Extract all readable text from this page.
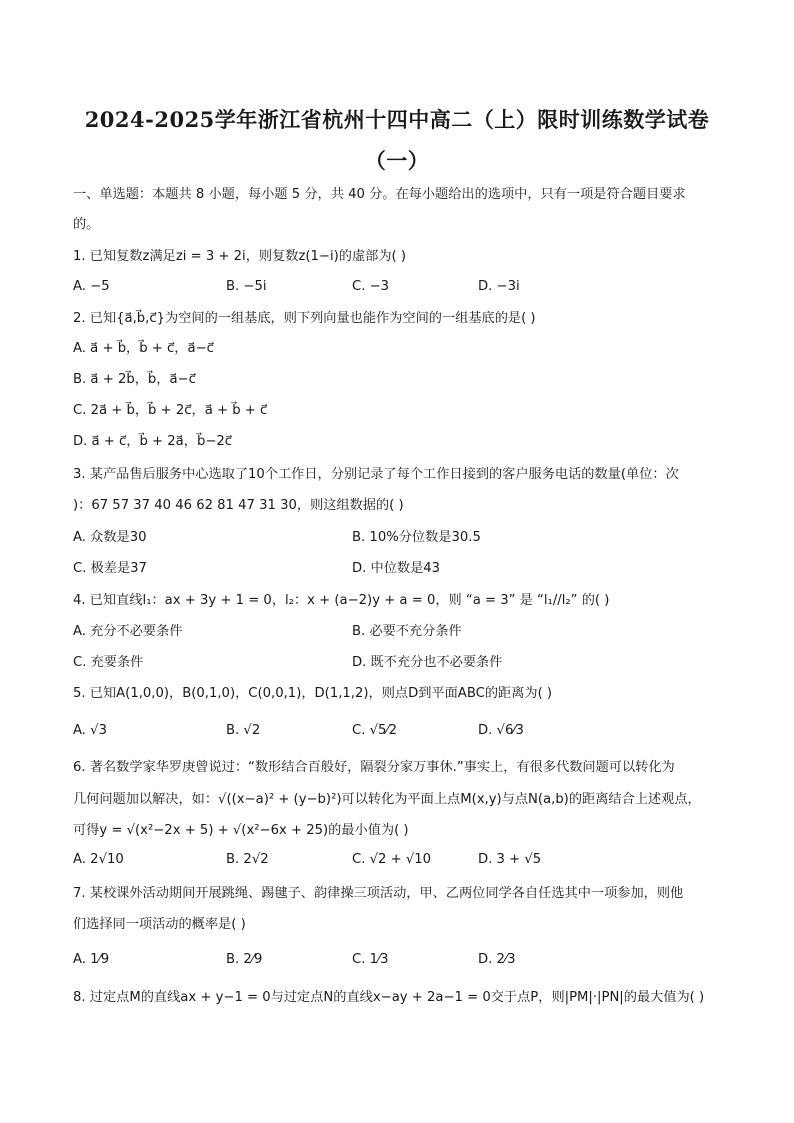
2024-2025学年浙江省杭州十四中高二（上）限时训练数学试卷
（一）
一、单选题：本题共 8 小题，每小题 5 分，共 40 分。在每小题给出的选项中，只有一项是符合题目要求
的。
1. 已知复数z满足zi = 3 + 2i，则复数z(1−i)的虚部为( )
A. −5	B. −5i	C. −3	D. −3i
2. 已知{a⃗,b⃗,c⃗}为空间的一组基底，则下列向量也能作为空间的一组基底的是( )
A. a⃗ + b⃗，b⃗ + c⃗，a⃗−c⃗
B. a⃗ + 2b⃗，b⃗，a⃗−c⃗
C. 2a⃗ + b⃗，b⃗ + 2c⃗，a⃗ + b⃗ + c⃗
D. a⃗ + c⃗，b⃗ + 2a⃗，b⃗−2c⃗
3. 某产品售后服务中心选取了10个工作日，分别记录了每个工作日接到的客户服务电话的数量(单位：次
)：67 57 37 40 46 62 81 47 31 30，则这组数据的( )
A. 众数是30	B. 10%分位数是30.5
C. 极差是37	D. 中位数是43
4. 已知直线l₁：ax + 3y + 1 = 0，l₂：x + (a−2)y + a = 0，则 “a = 3” 是 “l₁//l₂” 的( )
A. 充分不必要条件	B. 必要不充分条件
C. 充要条件	D. 既不充分也不必要条件
5. 已知A(1,0,0)，B(0,1,0)，C(0,0,1)，D(1,1,2)，则点D到平面ABC的距离为( )
A. √3	B. √2	C. √5⁄2	D. √6⁄3
6. 著名数学家华罗庚曾说过：“数形结合百般好，隔裂分家万事休.”事实上，有很多代数问题可以转化为
几何问题加以解决，如：√((x−a)² + (y−b)²)可以转化为平面上点M(x,y)与点N(a,b)的距离结合上述观点，
可得y = √(x²−2x + 5) + √(x²−6x + 25)的最小值为( )
A. 2√10	B. 2√2	C. √2 + √10	D. 3 + √5
7. 某校课外活动期间开展跳绳、踢毽子、韵律操三项活动，甲、乙两位同学各自任选其中一项参加，则他
们选择同一项活动的概率是( )
A. 1⁄9	B. 2⁄9	C. 1⁄3	D. 2⁄3
8. 过定点M的直线ax + y−1 = 0与过定点N的直线x−ay + 2a−1 = 0交于点P，则|PM|·|PN|的最大值为( )
